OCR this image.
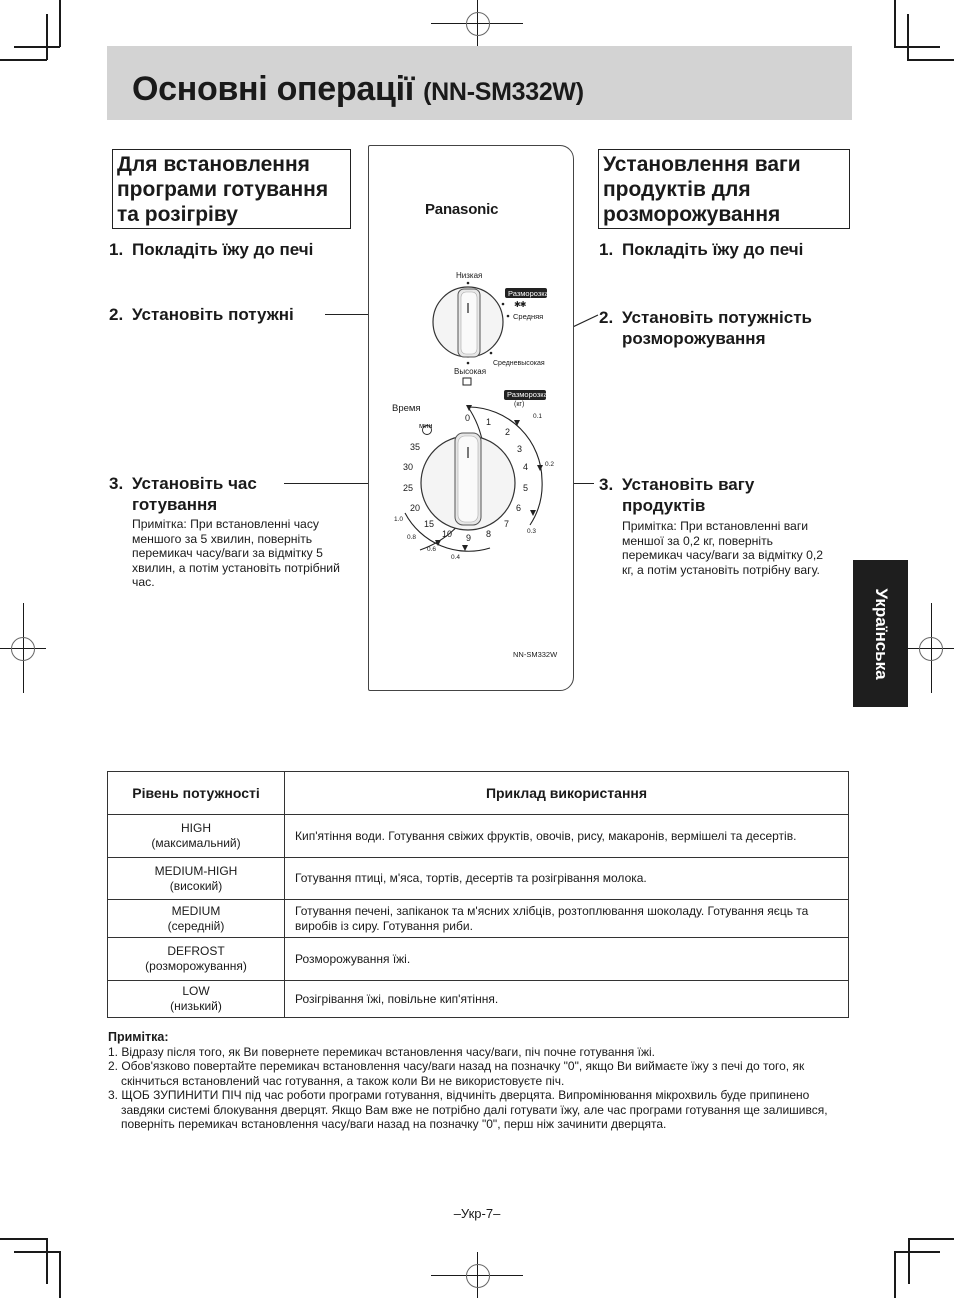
Основні операції (NN-SM332W)
Для встановлення
програми готування
та розігріву
1. Покладіть їжу до печі
2. Установіть потужні
3. Установіть час
готування
Примітка: При встановленні часу
меншого за 5 хвилин, поверніть
перемикач часу/ваги за відмітку 5
хвилин, а потім установіть потрібний
час.
Установлення ваги
продуктів для
розморожування
1. Покладіть їжу до печі
2. Установіть потужність
розморожування
3. Установіть вагу
продуктів
Примітка: При встановленні ваги
меншої за 0,2 кг, поверніть
перемикач часу/ваги за відмітку 0,2
кг, а потім установіть потрібну вагу.
Panasonic
Низкая
Разморозка
✱✱
Средняя
Средневысокая
Высокая
Время
мин
Разморозка
(кг)
0 1
2
3
4
5
6
7
8
9
10
15
20
25
30
35
0.1
0.2
0.3
0.4
0.6
0.8
1.0
NN-SM332W	Українська
Рівень потужності	Приклад використання

HIGH
(максимальний)	Кип'ятіння води. Готування свіжих фруктів, овочів, рису, макаронів, вермішелі та десертів.

MEDIUM-HIGH
(високий)	Готування птиці, м'яса, тортів, десертів та розігрівання молока.

MEDIUM
(середній)	Готування печені, запіканок та м'ясних хлібців, розтоплювання шоколаду. Готування яєць та виробів із сиру. Готування риби.

DEFROST
(розморожування)	Розморожування їжі.

LOW
(низький)	Розігрівання їжі, повільне кип'ятіння.
Примітка:
1. Відразу після того, як Ви повернете перемикач встановлення часу/ваги, піч почне готування їжі.
2. Обов'язково повертайте перемикач встановлення часу/ваги назад на позначку "0", якщо Ви виймаєте їжу з печі до того, як скінчиться встановлений час готування, а також коли Ви не використовуєте піч.
3. ЩОБ ЗУПИНИТИ ПІЧ під час роботи програми готування, відчиніть дверцята. Випромінювання мікрохвиль буде припинено завдяки системі блокування дверцят. Якщо Вам вже не потрібно далі готувати їжу, але час програми готування ще залишився, поверніть перемикач встановлення часу/ваги назад на позначку "0", перш ніж зачинити дверцята.
–Укр-7–
